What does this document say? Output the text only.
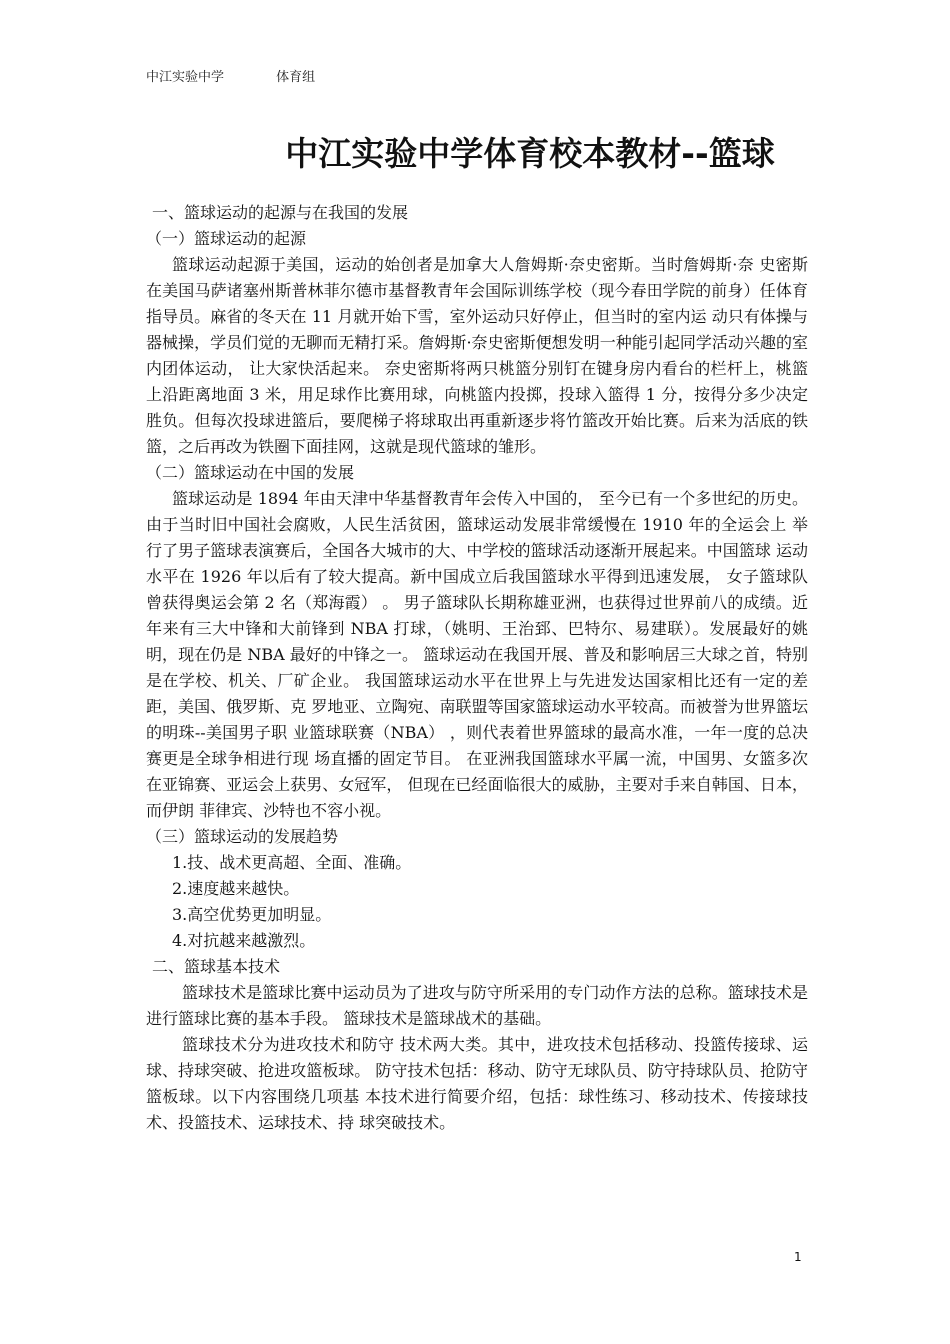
中江实验中学	体育组
中江实验中学体育校本教材--篮球

一、篮球运动的起源与在我国的发展

（一）篮球运动的起源

篮球运动起源于美国，运动的始创者是加拿大人詹姆斯·奈史密斯。当时詹姆斯·奈 史密斯在美国马萨诸塞州斯普林菲尔德市基督教青年会国际训练学校（现今春田学院的前身）任体育指导员。麻省的冬天在 11 月就开始下雪，室外运动只好停止，但当时的室内运 动只有体操与器械操，学员们觉的无聊而无精打采。詹姆斯·奈史密斯便想发明一种能引起同学活动兴趣的室内团体运动， 让大家快活起来。 奈史密斯将两只桃篮分别钉在键身房内看台的栏杆上，桃篮上沿距离地面 3 米，用足球作比赛用球，向桃篮内投掷，投球入篮得 1 分，按得分多少决定胜负。但每次投球进篮后，要爬梯子将球取出再重新逐步将竹篮改开始比赛。后来为活底的铁篮，之后再改为铁圈下面挂网，这就是现代篮球的雏形。

（二）篮球运动在中国的发展

篮球运动是 1894 年由天津中华基督教青年会传入中国的， 至今已有一个多世纪的历史。 由于当时旧中国社会腐败，人民生活贫困，篮球运动发展非常缓慢在 1910 年的全运会上 举行了男子篮球表演赛后，全国各大城市的大、中学校的篮球活动逐渐开展起来。中国篮球 运动水平在 1926 年以后有了较大提高。新中国成立后我国篮球水平得到迅速发展， 女子篮球队曾获得奥运会第 2 名（郑海霞） 。 男子篮球队长期称雄亚洲，也获得过世界前八的成绩。近年来有三大中锋和大前锋到 NBA 打球，（姚明、王治郅、巴特尔、易建联）。发展最好的姚明，现在仍是 NBA 最好的中锋之一。 篮球运动在我国开展、普及和影响居三大球之首，特别是在学校、机关、厂矿企业。 我国篮球运动水平在世界上与先进发达国家相比还有一定的差距，美国、俄罗斯、克 罗地亚、立陶宛、南联盟等国家篮球运动水平较高。而被誉为世界篮坛的明珠--美国男子职 业篮球联赛（NBA） ，则代表着世界篮球的最高水准，一年一度的总决赛更是全球争相进行现 场直播的固定节目。 在亚洲我国篮球水平属一流，中国男、女篮多次在亚锦赛、亚运会上获男、女冠军， 但现在已经面临很大的威胁，主要对手来自韩国、日本，而伊朗 菲律宾、沙特也不容小视。

（三）篮球运动的发展趋势

1.技、战术更高超、全面、准确。

2.速度越来越快。

3.高空优势更加明显。

4.对抗越来越激烈。

二、篮球基本技术

篮球技术是篮球比赛中运动员为了进攻与防守所采用的专门动作方法的总称。篮球技术是进行篮球比赛的基本手段。 篮球技术是篮球战术的基础。

篮球技术分为进攻技术和防守 技术两大类。其中，进攻技术包括移动、投篮传接球、运球、持球突破、抢进攻篮板球。 防守技术包括：移动、防守无球队员、防守持球队员、抢防守篮板球。以下内容围绕几项基 本技术进行简要介绍，包括：球性练习、移动技术、传接球技术、投篮技术、运球技术、持 球突破技术。

1
